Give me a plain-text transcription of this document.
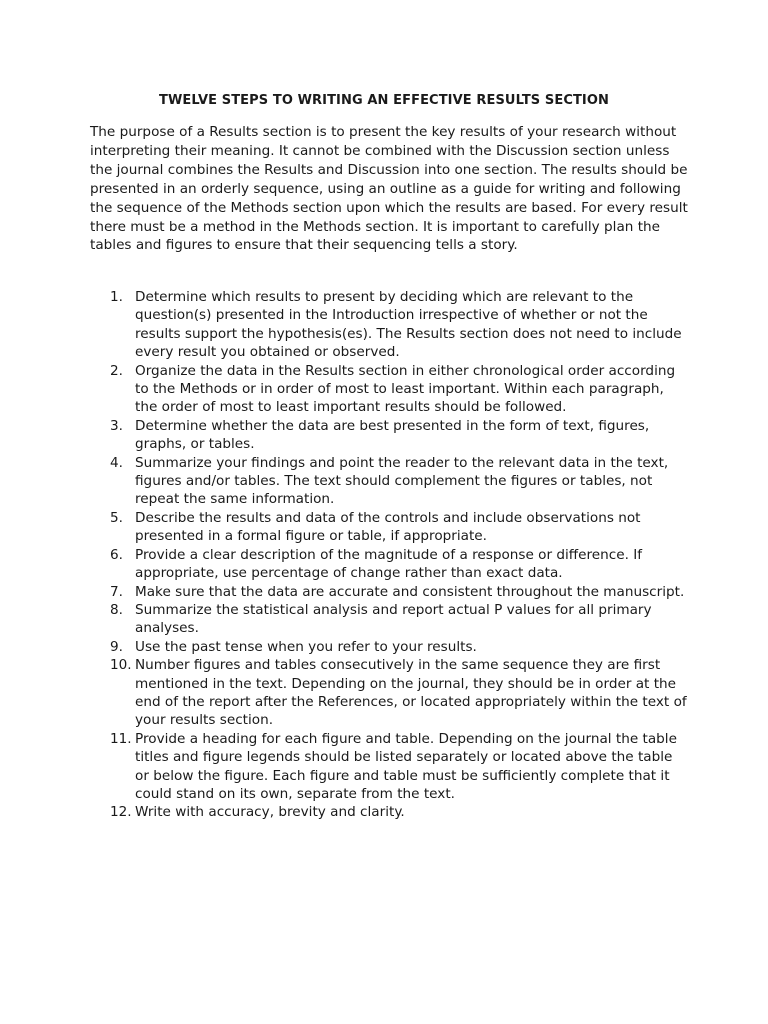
TWELVE STEPS TO WRITING AN EFFECTIVE RESULTS SECTION

The purpose of a Results section is to present the key results of your research without interpreting their meaning. It cannot be combined with the Discussion section unless the journal combines the Results and Discussion into one section. The results should be presented in an orderly sequence, using an outline as a guide for writing and following the sequence of the Methods section upon which the results are based. For every result there must be a method in the Methods section. It is important to carefully plan the tables and figures to ensure that their sequencing tells a story.

1. Determine which results to present by deciding which are relevant to the question(s) presented in the Introduction irrespective of whether or not the results support the hypothesis(es). The Results section does not need to include every result you obtained or observed.
2. Organize the data in the Results section in either chronological order according to the Methods or in order of most to least important. Within each paragraph, the order of most to least important results should be followed.
3. Determine whether the data are best presented in the form of text, figures, graphs, or tables.
4. Summarize your findings and point the reader to the relevant data in the text, figures and/or tables. The text should complement the figures or tables, not repeat the same information.
5. Describe the results and data of the controls and include observations not presented in a formal figure or table, if appropriate.
6. Provide a clear description of the magnitude of a response or difference. If appropriate, use percentage of change rather than exact data.
7. Make sure that the data are accurate and consistent throughout the manuscript.
8. Summarize the statistical analysis and report actual P values for all primary analyses.
9. Use the past tense when you refer to your results.
10. Number figures and tables consecutively in the same sequence they are first mentioned in the text. Depending on the journal, they should be in order at the end of the report after the References, or located appropriately within the text of your results section.
11. Provide a heading for each figure and table. Depending on the journal the table titles and figure legends should be listed separately or located above the table or below the figure. Each figure and table must be sufficiently complete that it could stand on its own, separate from the text.
12. Write with accuracy, brevity and clarity.
